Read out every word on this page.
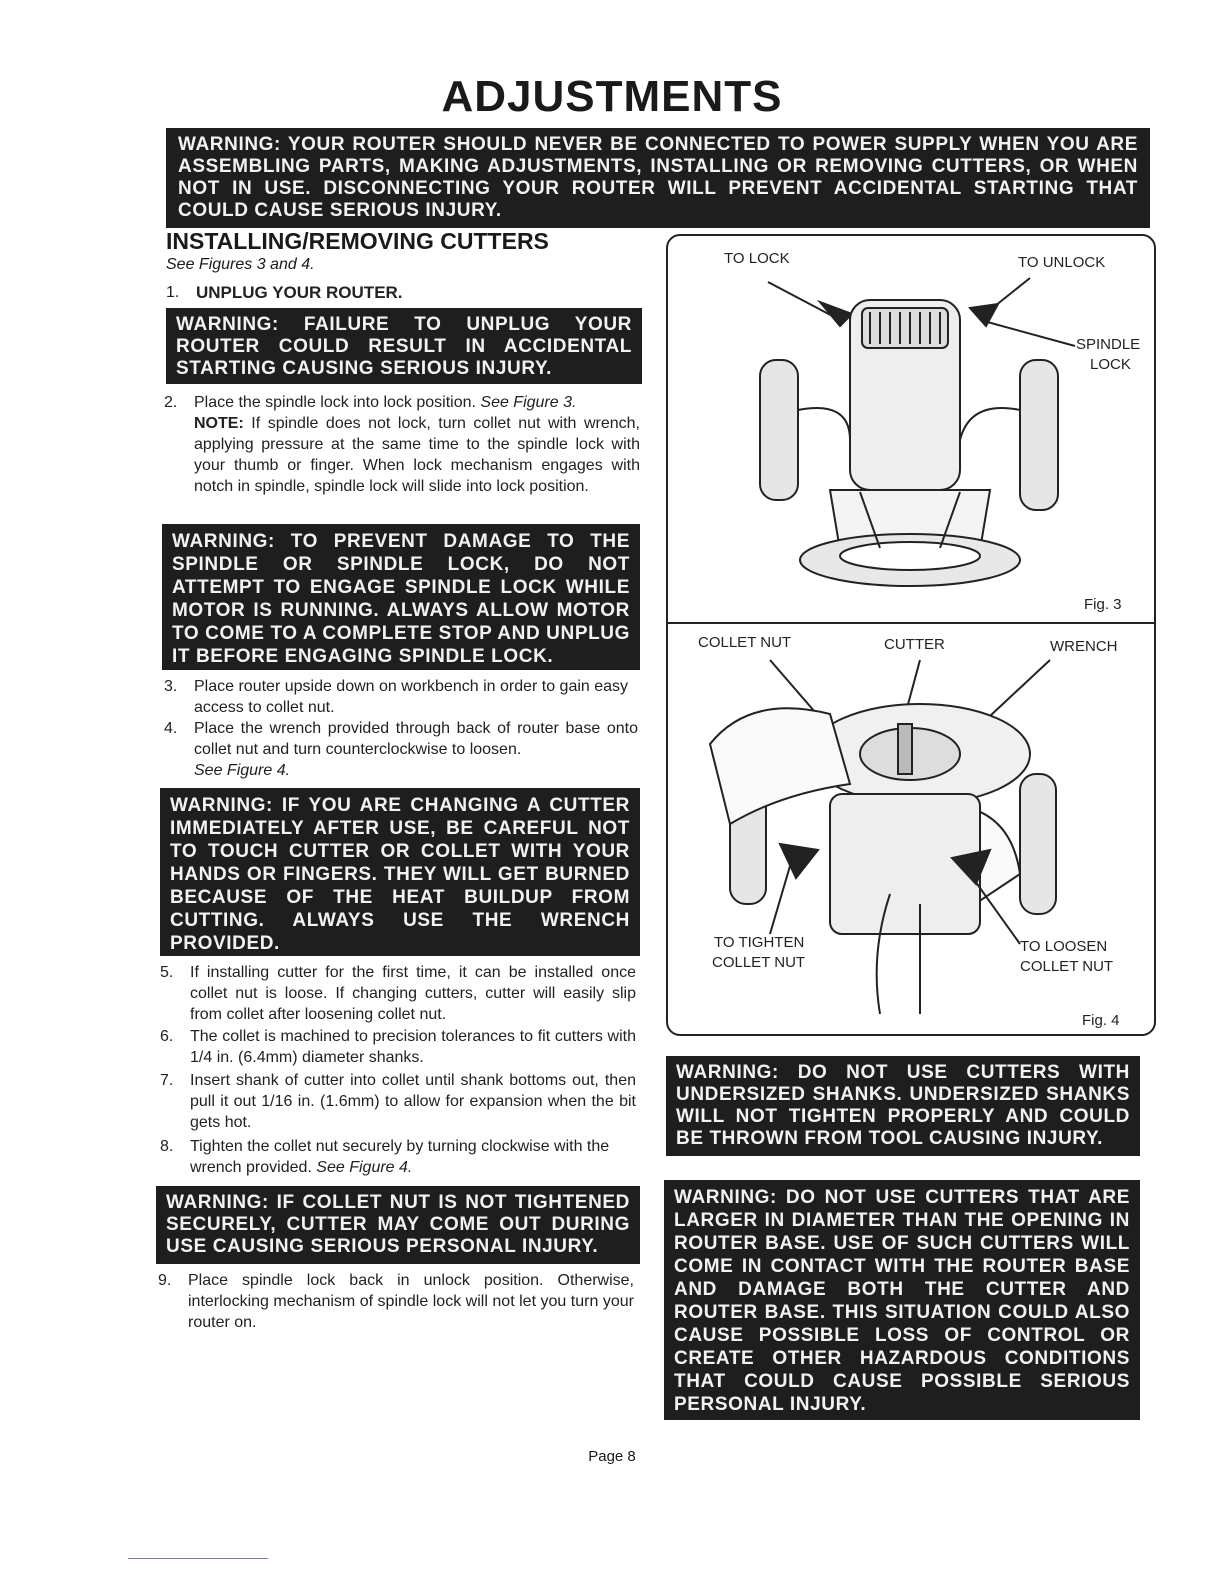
ADJUSTMENTS
WARNING: YOUR ROUTER SHOULD NEVER BE CONNECTED TO POWER SUPPLY WHEN YOU ARE ASSEMBLING PARTS, MAKING ADJUSTMENTS, INSTALLING OR REMOVING CUTTERS, OR WHEN NOT IN USE. DISCONNECTING YOUR ROUTER WILL PREVENT ACCIDENTAL STARTING THAT COULD CAUSE SERIOUS INJURY.
INSTALLING/REMOVING CUTTERS
See Figures 3 and 4.
1. UNPLUG YOUR ROUTER.
WARNING: FAILURE TO UNPLUG YOUR ROUTER COULD RESULT IN ACCIDENTAL STARTING CAUSING SERIOUS INJURY.
2. Place the spindle lock into lock position. See Figure 3.
NOTE: If spindle does not lock, turn collet nut with wrench, applying pressure at the same time to the spindle lock with your thumb or finger. When lock mechanism engages with notch in spindle, spindle lock will slide into lock position.
WARNING: TO PREVENT DAMAGE TO THE SPINDLE OR SPINDLE LOCK, DO NOT ATTEMPT TO ENGAGE SPINDLE LOCK WHILE MOTOR IS RUNNING. ALWAYS ALLOW MOTOR TO COME TO A COMPLETE STOP AND UNPLUG IT BEFORE ENGAGING SPINDLE LOCK.
3. Place router upside down on workbench in order to gain easy access to collet nut.
4. Place the wrench provided through back of router base onto collet nut and turn counterclockwise to loosen.
See Figure 4.
WARNING: IF YOU ARE CHANGING A CUTTER IMMEDIATELY AFTER USE, BE CAREFUL NOT TO TOUCH CUTTER OR COLLET WITH YOUR HANDS OR FINGERS. THEY WILL GET BURNED BECAUSE OF THE HEAT BUILDUP FROM CUTTING. ALWAYS USE THE WRENCH PROVIDED.
5. If installing cutter for the first time, it can be installed once collet nut is loose. If changing cutters, cutter will easily slip from collet after loosening collet nut.
6. The collet is machined to precision tolerances to fit cutters with 1/4 in. (6.4mm) diameter shanks.
7. Insert shank of cutter into collet until shank bottoms out, then pull it out 1/16 in. (1.6mm) to allow for expansion when the bit gets hot.
8. Tighten the collet nut securely by turning clockwise with the wrench provided. See Figure 4.
WARNING: IF COLLET NUT IS NOT TIGHTENED SECURELY, CUTTER MAY COME OUT DURING USE CAUSING SERIOUS PERSONAL INJURY.
9. Place spindle lock back in unlock position. Otherwise, interlocking mechanism of spindle lock will not let you turn your router on.
TO LOCK	TO UNLOCK
SPINDLE
LOCK
Fig. 3
COLLET NUT	CUTTER	WRENCH
TO TIGHTEN
COLLET NUT
TO LOOSEN
COLLET NUT
Fig. 4
WARNING: DO NOT USE CUTTERS WITH UNDERSIZED SHANKS. UNDERSIZED SHANKS WILL NOT TIGHTEN PROPERLY AND COULD BE THROWN FROM TOOL CAUSING INJURY.
WARNING: DO NOT USE CUTTERS THAT ARE LARGER IN DIAMETER THAN THE OPENING IN ROUTER BASE. USE OF SUCH CUTTERS WILL COME IN CONTACT WITH THE ROUTER BASE AND DAMAGE BOTH THE CUTTER AND ROUTER BASE. THIS SITUATION COULD ALSO CAUSE POSSIBLE LOSS OF CONTROL OR CREATE OTHER HAZARDOUS CONDITIONS THAT COULD CAUSE POSSIBLE SERIOUS PERSONAL INJURY.
Page 8
